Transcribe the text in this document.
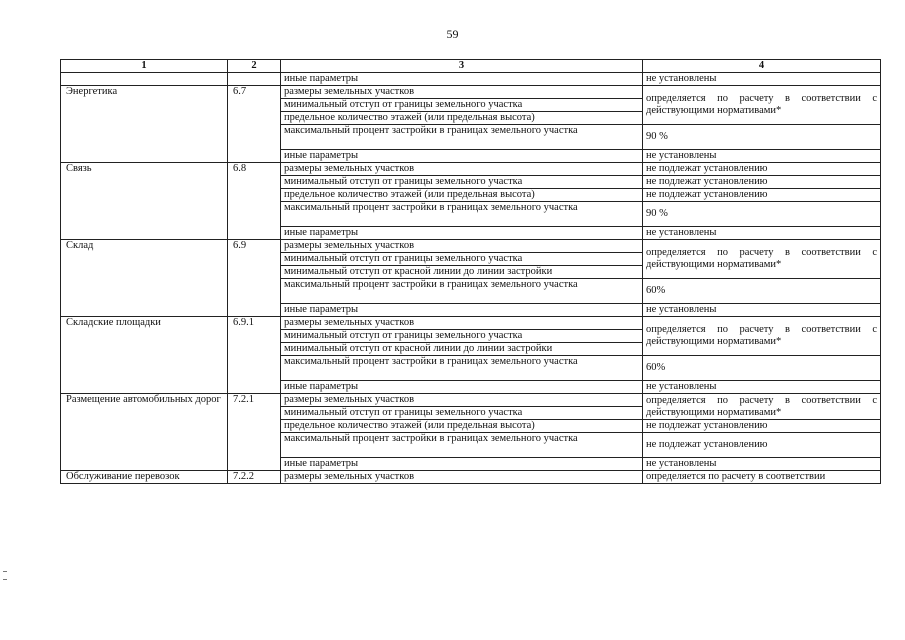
59
1	2	3	4
		иные параметры	не установлены
Энергетика	6.7	размеры земельных участков	определяется по расчету в соответствии с действующими нормативами*
		минимальный отступ от границы земельного участка	
		предельное количество этажей (или предельная высота)	
		максимальный процент застройки в границах земельного участка	90 %
		иные параметры	не установлены
Связь	6.8	размеры земельных участков	не подлежат установлению
		минимальный отступ от границы земельного участка	не подлежат установлению
		предельное количество этажей (или предельная высота)	не подлежат установлению
		максимальный процент застройки в границах земельного участка	90 %
		иные параметры	не установлены
Склад	6.9	размеры земельных участков	определяется по расчету в соответствии с действующими нормативами*
		минимальный отступ от границы земельного участка	
		минимальный отступ от красной линии до линии застройки	
		максимальный процент застройки в границах земельного участка	60%
		иные параметры	не установлены
Складские площадки	6.9.1	размеры земельных участков	определяется по расчету в соответствии с действующими нормативами*
		минимальный отступ от границы земельного участка	
		минимальный отступ от красной линии до линии застройки	
		максимальный процент застройки в границах земельного участка	60%
		иные параметры	не установлены
Размещение автомобильных дорог	7.2.1	размеры земельных участков	определяется по расчету в соответствии с действующими нормативами*
		минимальный отступ от границы земельного участка	
		предельное количество этажей (или предельная высота)	не подлежат установлению
		максимальный процент застройки в границах земельного участка	не подлежат установлению
		иные параметры	не установлены
Обслуживание перевозок	7.2.2	размеры земельных участков	определяется по расчету в соответствии
